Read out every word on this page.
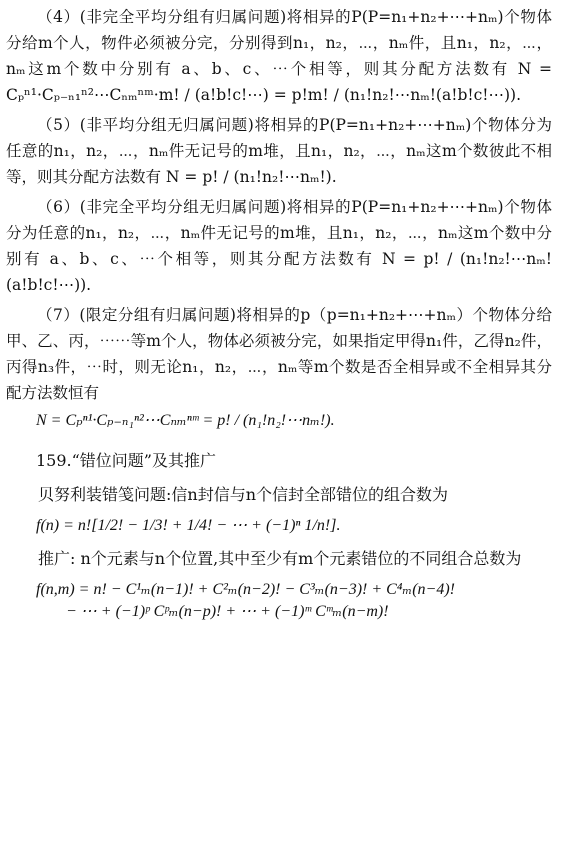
（4）(非完全平均分组有归属问题)将相异的P(P=n₁+n₂+⋯+nₘ)个物体分给m个人，物件必须被分完，分别得到n₁，n₂，⋯，nₘ件，且n₁，n₂，⋯，nₘ这m个数中分别有 a、b、c、⋯个相等，则其分配方法数有 N = Cₚⁿ¹·Cₚ₋ₙ₁ⁿ²⋯Cₙₘⁿᵐ·m! / (a!b!c!⋯) = p!m! / (n₁!n₂!⋯nₘ!(a!b!c!⋯)).

（5）(非平均分组无归属问题)将相异的P(P=n₁+n₂+⋯+nₘ)个物体分为任意的n₁，n₂，⋯，nₘ件无记号的m堆，且n₁，n₂，⋯，nₘ这m个数彼此不相等，则其分配方法数有 N = p! / (n₁!n₂!⋯nₘ!).

（6）(非完全平均分组无归属问题)将相异的P(P=n₁+n₂+⋯+nₘ)个物体分为任意的n₁，n₂，⋯，nₘ件无记号的m堆，且n₁，n₂，⋯，nₘ这m个数中分别有 a、b、c、⋯个相等，则其分配方法数有 N = p! / (n₁!n₂!⋯nₘ!(a!b!c!⋯)).

（7）(限定分组有归属问题)将相异的p（p=n₁+n₂+⋯+nₘ）个物体分给甲、乙、丙，⋯⋯等m个人，物体必须被分完，如果指定甲得n₁件，乙得n₂件，丙得n₃件，⋯时，则无论n₁，n₂，⋯，nₘ等m个数是否全相异或不全相异其分配方法数恒有

N = Cₚⁿ¹·Cₚ₋ₙ₁ⁿ²⋯Cₙₘⁿᵐ = p! / (n₁!n₂!⋯nₘ!).
159.“错位问题”及其推广

贝努利装错笺问题:信n封信与n个信封全部错位的组合数为

f(n) = n![1/2! − 1/3! + 1/4! − ⋯ + (−1)ⁿ 1/n!].

推广: n个元素与n个位置,其中至少有m个元素错位的不同组合总数为

f(n,m) = n! − C¹ₘ(n−1)! + C²ₘ(n−2)! − C³ₘ(n−3)! + C⁴ₘ(n−4)!
− ⋯ + (−1)ᵖ Cᵖₘ(n−p)! + ⋯ + (−1)ᵐ Cᵐₘ(n−m)!
